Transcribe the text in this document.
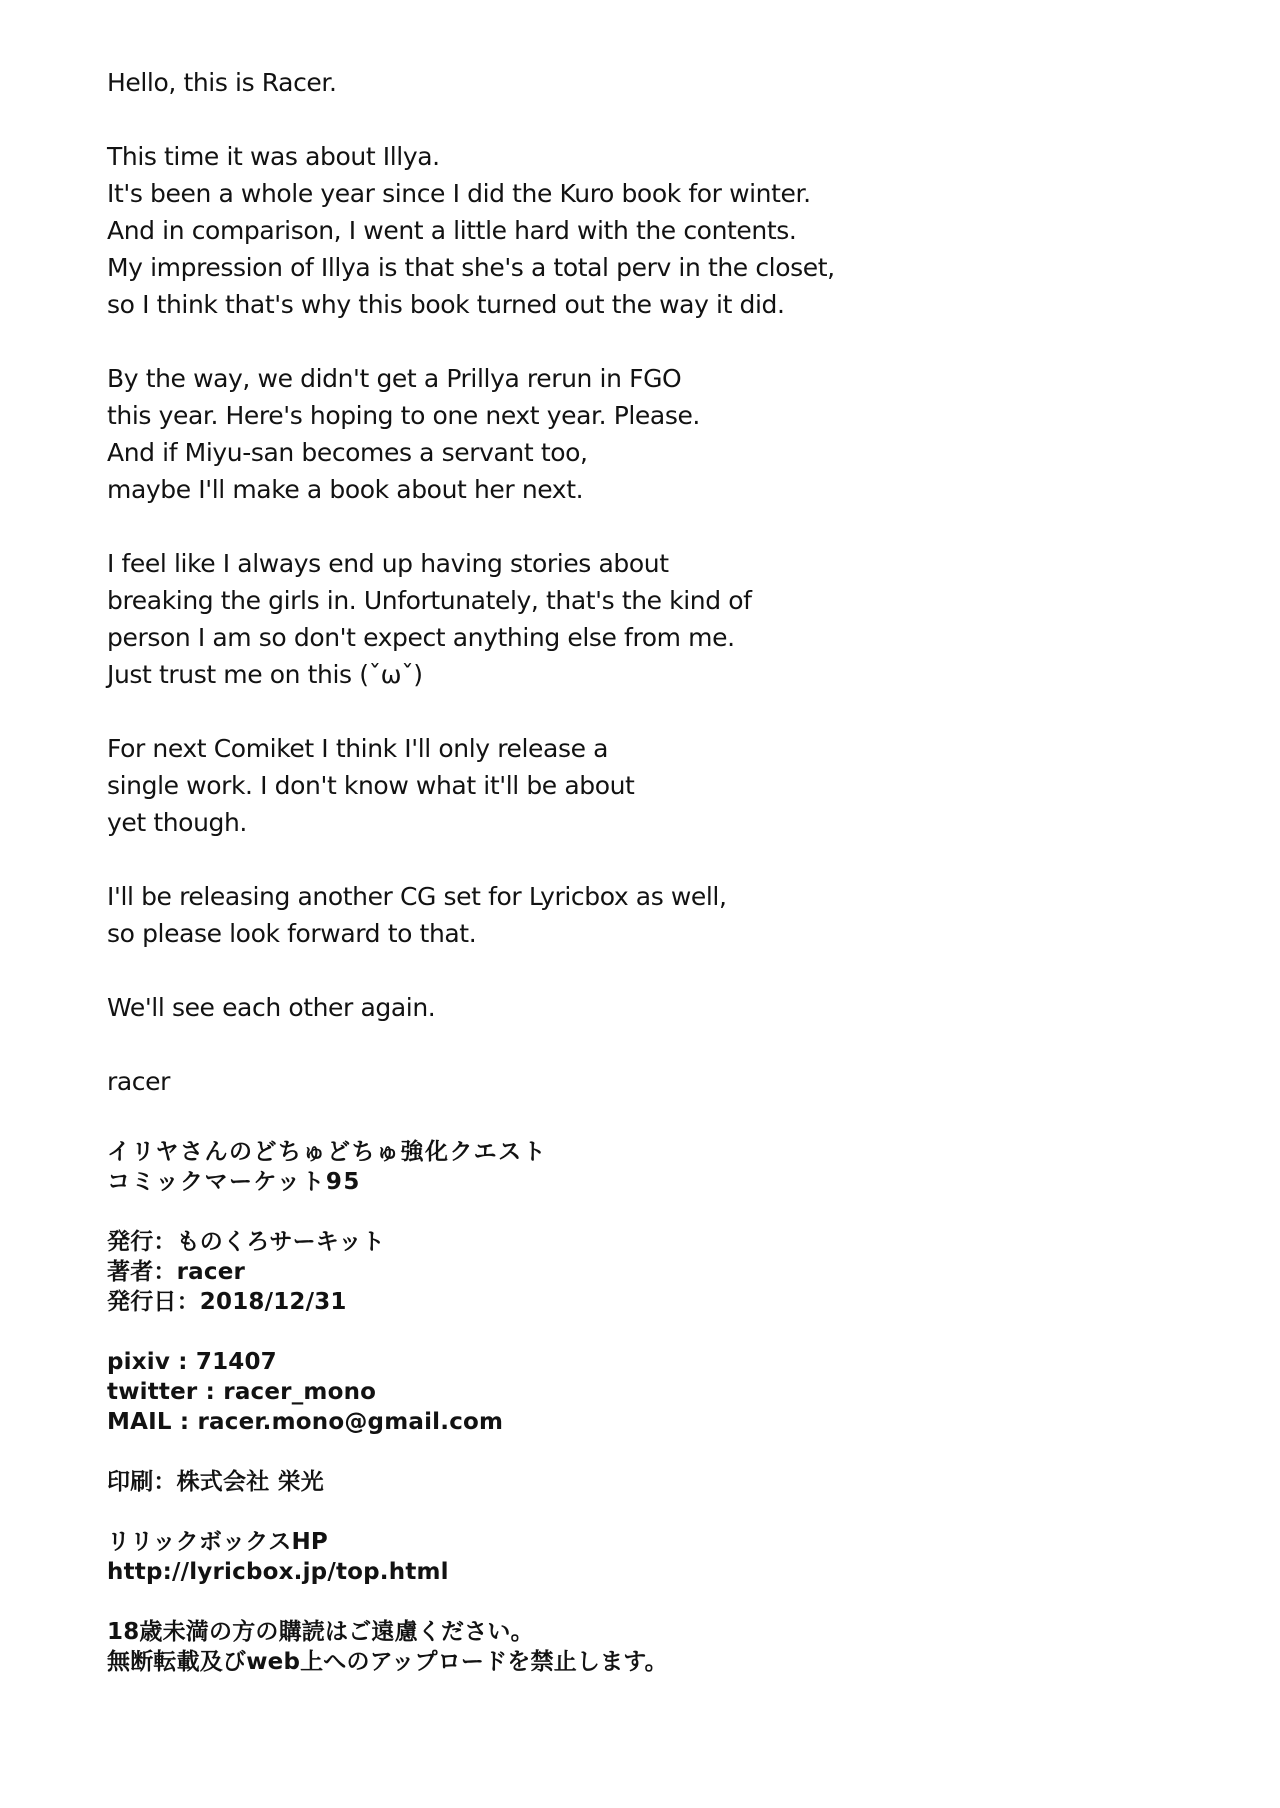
Hello, this is Racer.
This time it was about Illya.
It's been a whole year since I did the Kuro book for winter.
And in comparison, I went a little hard with the contents.
My impression of Illya is that she's a total perv in the closet,
so I think that's why this book turned out the way it did.
By the way, we didn't get a Prillya rerun in FGO
this year. Here's hoping to one next year. Please.
And if Miyu-san becomes a servant too,
maybe I'll make a book about her next.
I feel like I always end up having stories about
breaking the girls in. Unfortunately, that's the kind of
person I am so don't expect anything else from me.
Just trust me on this (ˇωˇ)
For next Comiket I think I'll only release a
single work. I don't know what it'll be about
yet though.
I'll be releasing another CG set for Lyricbox as well,
so please look forward to that.
We'll see each other again.
racer
イリヤさんのどちゅどちゅ強化クエスト
コミックマーケット95
発行：ものくろサーキット
著者：racer
発行日：2018/12/31
pixiv : 71407
twitter : racer_mono
MAIL : racer.mono@gmail.com
印刷：株式会社 栄光
リリックボックスHP
http://lyricbox.jp/top.html
18歳未満の方の購読はご遠慮ください。
無断転載及びweb上へのアップロードを禁止します。
